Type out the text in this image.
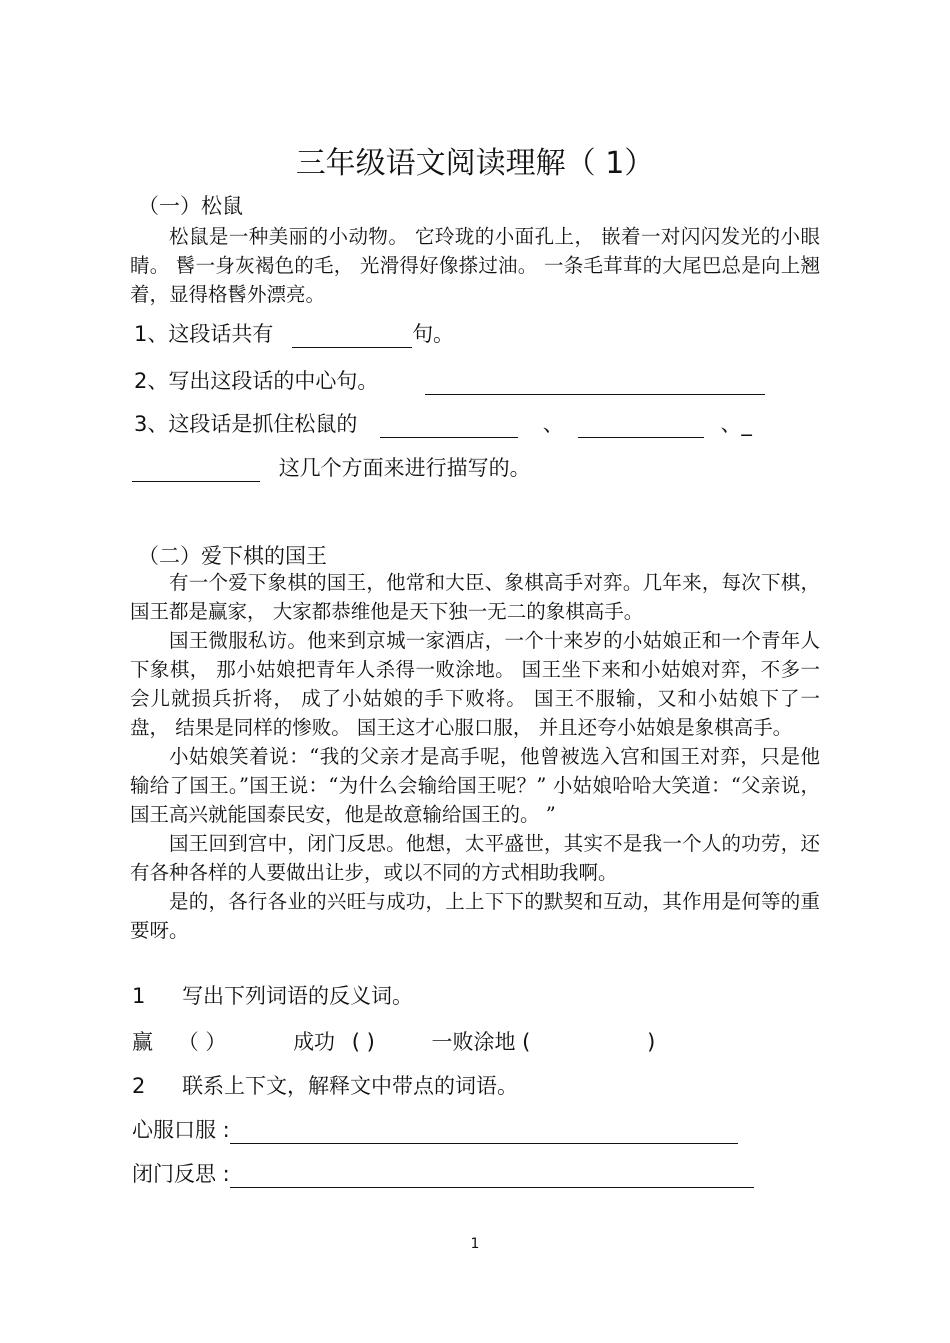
三年级语文阅读理解（ 1）
（一）松鼠

松鼠是一种美丽的小动物。 它玲珑的小面孔上， 嵌着一对闪闪发光的小眼睛。 䯺一身灰褐色的毛， 光滑得好像搽过油。 一条毛茸茸的大尾巴总是向上翘着，显得格䯺外漂亮。

1、这段话共有	句。
2、写出这段话的中心句。
3、这段话是抓住松鼠的	、	、_
这几个方面来进行描写的。
（二）爱下棋的国王

有一个爱下象棋的国王，他常和大臣、象棋高手对弈。几年来，每次下棋，国王都是赢家， 大家都恭维他是天下独一无二的象棋高手。

国王微服私访。他来到京城一家酒店，一个十来岁的小姑娘正和一个青年人下象棋， 那小姑娘把青年人杀得一败涂地。 国王坐下来和小姑娘对弈，不多一会儿就损兵折将， 成了小姑娘的手下败将。 国王不服输，又和小姑娘下了一盘， 结果是同样的惨败。 国王这才心服口服， 并且还夸小姑娘是象棋高手。

小姑娘笑着说：“我的父亲才是高手呢，他曾被选入宫和国王对弈，只是他输给了国王。”国王说：“为什么会输给国王呢？” 小姑娘哈哈大笑道：“父亲说，国王高兴就能国泰民安，他是故意输给国王的。 ”

国王回到宫中，闭门反思。他想，太平盛世，其实不是我一个人的功劳，还有各种各样的人要做出让步，或以不同的方式相助我啊。

是的，各行各业的兴旺与成功，上上下下的默契和互动，其作用是何等的重要呀。

1 写出下列词语的反义词。
赢 （ ）	成功 ( )	一败涂地 (	)
2 联系上下文，解释文中带点的词语。
心服口服 :
闭门反思 :
1
